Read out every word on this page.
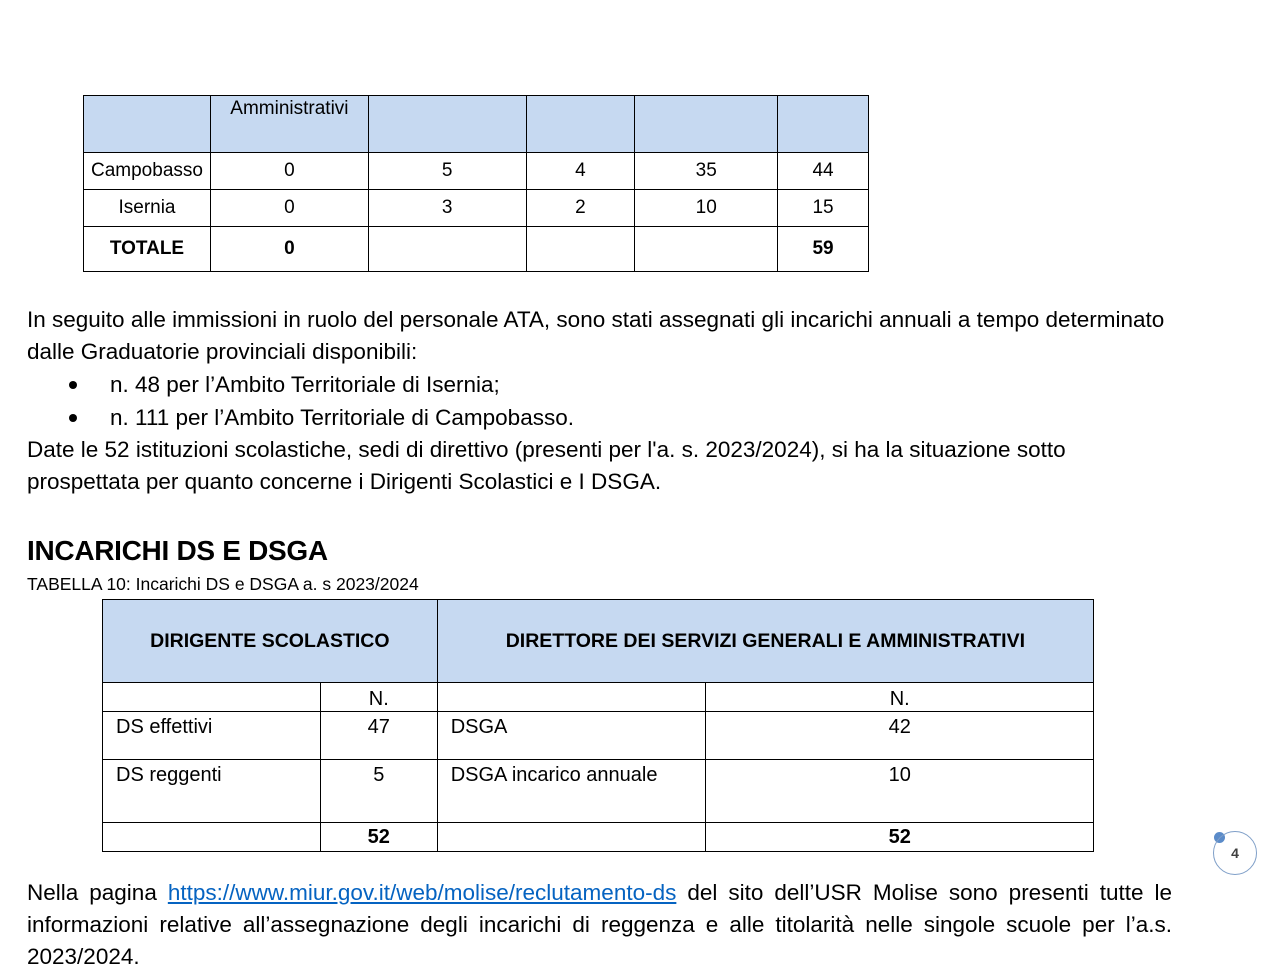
	Amministrativi				
Campobasso	0	5	4	35	44
Isernia	0	3	2	10	15
TOTALE	0				59

In seguito alle immissioni in ruolo del personale ATA, sono stati assegnati gli incarichi annuali a tempo determinato dalle Graduatorie provinciali disponibili:

n. 48 per l’Ambito Territoriale di Isernia;
n. 111 per l’Ambito Territoriale di Campobasso.

Date le 52 istituzioni scolastiche, sedi di direttivo (presenti per l'a. s. 2023/2024), si ha la situazione sotto prospettata per quanto concerne i Dirigenti Scolastici e I DSGA.

INCARICHI DS E DSGA

TABELLA 10: Incarichi DS e DSGA a. s 2023/2024

DIRIGENTE SCOLASTICO		DIRETTORE DEI SERVIZI GENERALI E AMMINISTRATIVI	
	N.		N.
DS effettivi	47	DSGA	42
DS reggenti	5	DSGA incarico annuale	10
	52		52
4

Nella pagina https://www.miur.gov.it/web/molise/reclutamento-ds del sito dell’USR Molise sono presenti tutte le informazioni relative all’assegnazione degli incarichi di reggenza e alle titolarità nelle singole scuole per l’a.s. 2023/2024.
